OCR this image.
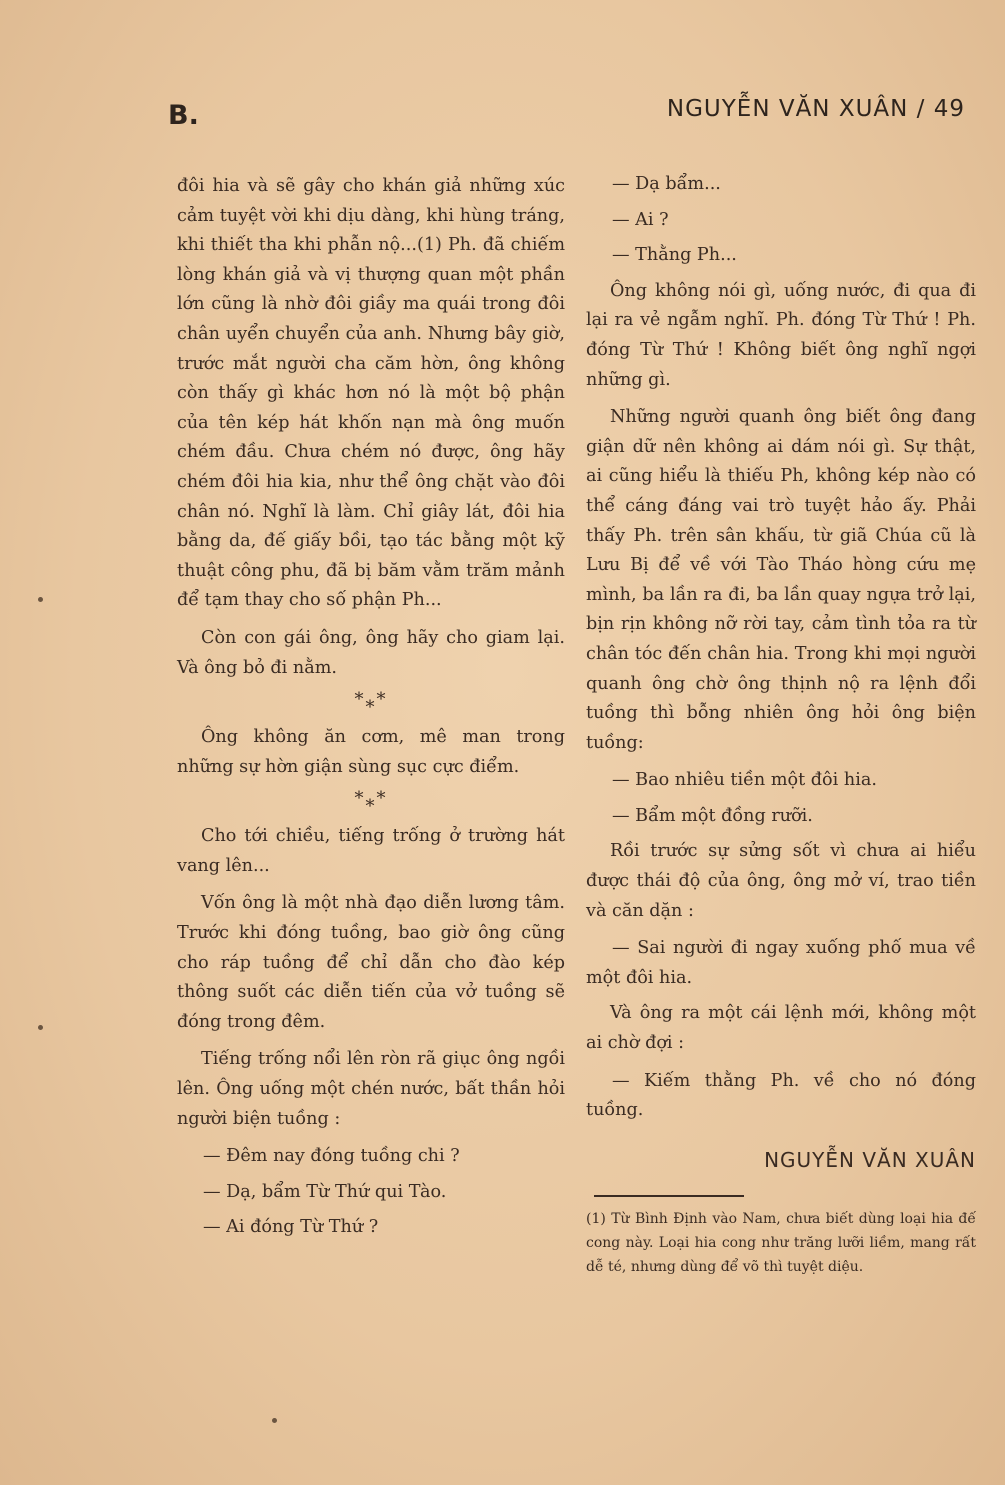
B.	NGUYỄN VĂN XUÂN / 49

đôi hia và sẽ gây cho khán giả những xúc cảm tuyệt vời khi dịu dàng, khi hùng tráng, khi thiết tha khi phẫn nộ...(1) Ph. đã chiếm lòng khán giả và vị thượng quan một phần lớn cũng là nhờ đôi giầy ma quái trong đôi chân uyển chuyển của anh. Nhưng bây giờ, trước mắt người cha căm hờn, ông không còn thấy gì khác hơn nó là một bộ phận của tên kép hát khốn nạn mà ông muốn chém đầu. Chưa chém nó được, ông hãy chém đôi hia kia, như thể ông chặt vào đôi chân nó. Nghĩ là làm. Chỉ giây lát, đôi hia bằng da, đế giấy bồi, tạo tác bằng một kỹ thuật công phu, đã bị băm vằm trăm mảnh để tạm thay cho số phận Ph...

Còn con gái ông, ông hãy cho giam lại. Và ông bỏ đi nằm.

***

Ông không ăn cơm, mê man trong những sự hờn giận sùng sục cực điểm.

***

Cho tới chiều, tiếng trống ở trường hát vang lên...

Vốn ông là một nhà đạo diễn lương tâm. Trước khi đóng tuồng, bao giờ ông cũng cho ráp tuồng để chỉ dẫn cho đào kép thông suốt các diễn tiến của vở tuồng sẽ đóng trong đêm.

Tiếng trống nổi lên ròn rã giục ông ngồi lên. Ông uống một chén nước, bất thần hỏi người biện tuồng :

— Đêm nay đóng tuồng chi ?

— Dạ, bẩm Từ Thứ qui Tào.

— Ai đóng Từ Thứ ?

— Dạ bẩm...

— Ai ?

— Thằng Ph...

Ông không nói gì, uống nước, đi qua đi lại ra vẻ ngẫm nghĩ. Ph. đóng Từ Thứ ! Ph. đóng Từ Thứ ! Không biết ông nghĩ ngợi những gì.

Những người quanh ông biết ông đang giận dữ nên không ai dám nói gì. Sự thật, ai cũng hiểu là thiếu Ph, không kép nào có thể cáng đáng vai trò tuyệt hảo ấy. Phải thấy Ph. trên sân khấu, từ giã Chúa cũ là Lưu Bị để về với Tào Tháo hòng cứu mẹ mình, ba lần ra đi, ba lần quay ngựa trở lại, bịn rịn không nỡ rời tay, cảm tình tỏa ra từ chân tóc đến chân hia. Trong khi mọi người quanh ông chờ ông thịnh nộ ra lệnh đổi tuồng thì bỗng nhiên ông hỏi ông biện tuồng:

— Bao nhiêu tiền một đôi hia.

— Bẩm một đồng rưỡi.

Rồi trước sự sửng sốt vì chưa ai hiểu được thái độ của ông, ông mở ví, trao tiền và căn dặn :

— Sai người đi ngay xuống phố mua về một đôi hia.

Và ông ra một cái lệnh mới, không một ai chờ đợi :

— Kiếm thằng Ph. về cho nó đóng tuồng.

NGUYỄN VĂN XUÂN

(1) Từ Bình Định vào Nam, chưa biết dùng loại hia đế cong này. Loại hia cong như trăng lưỡi liềm, mang rất dễ té, nhưng dùng để võ thì tuyệt diệu.
